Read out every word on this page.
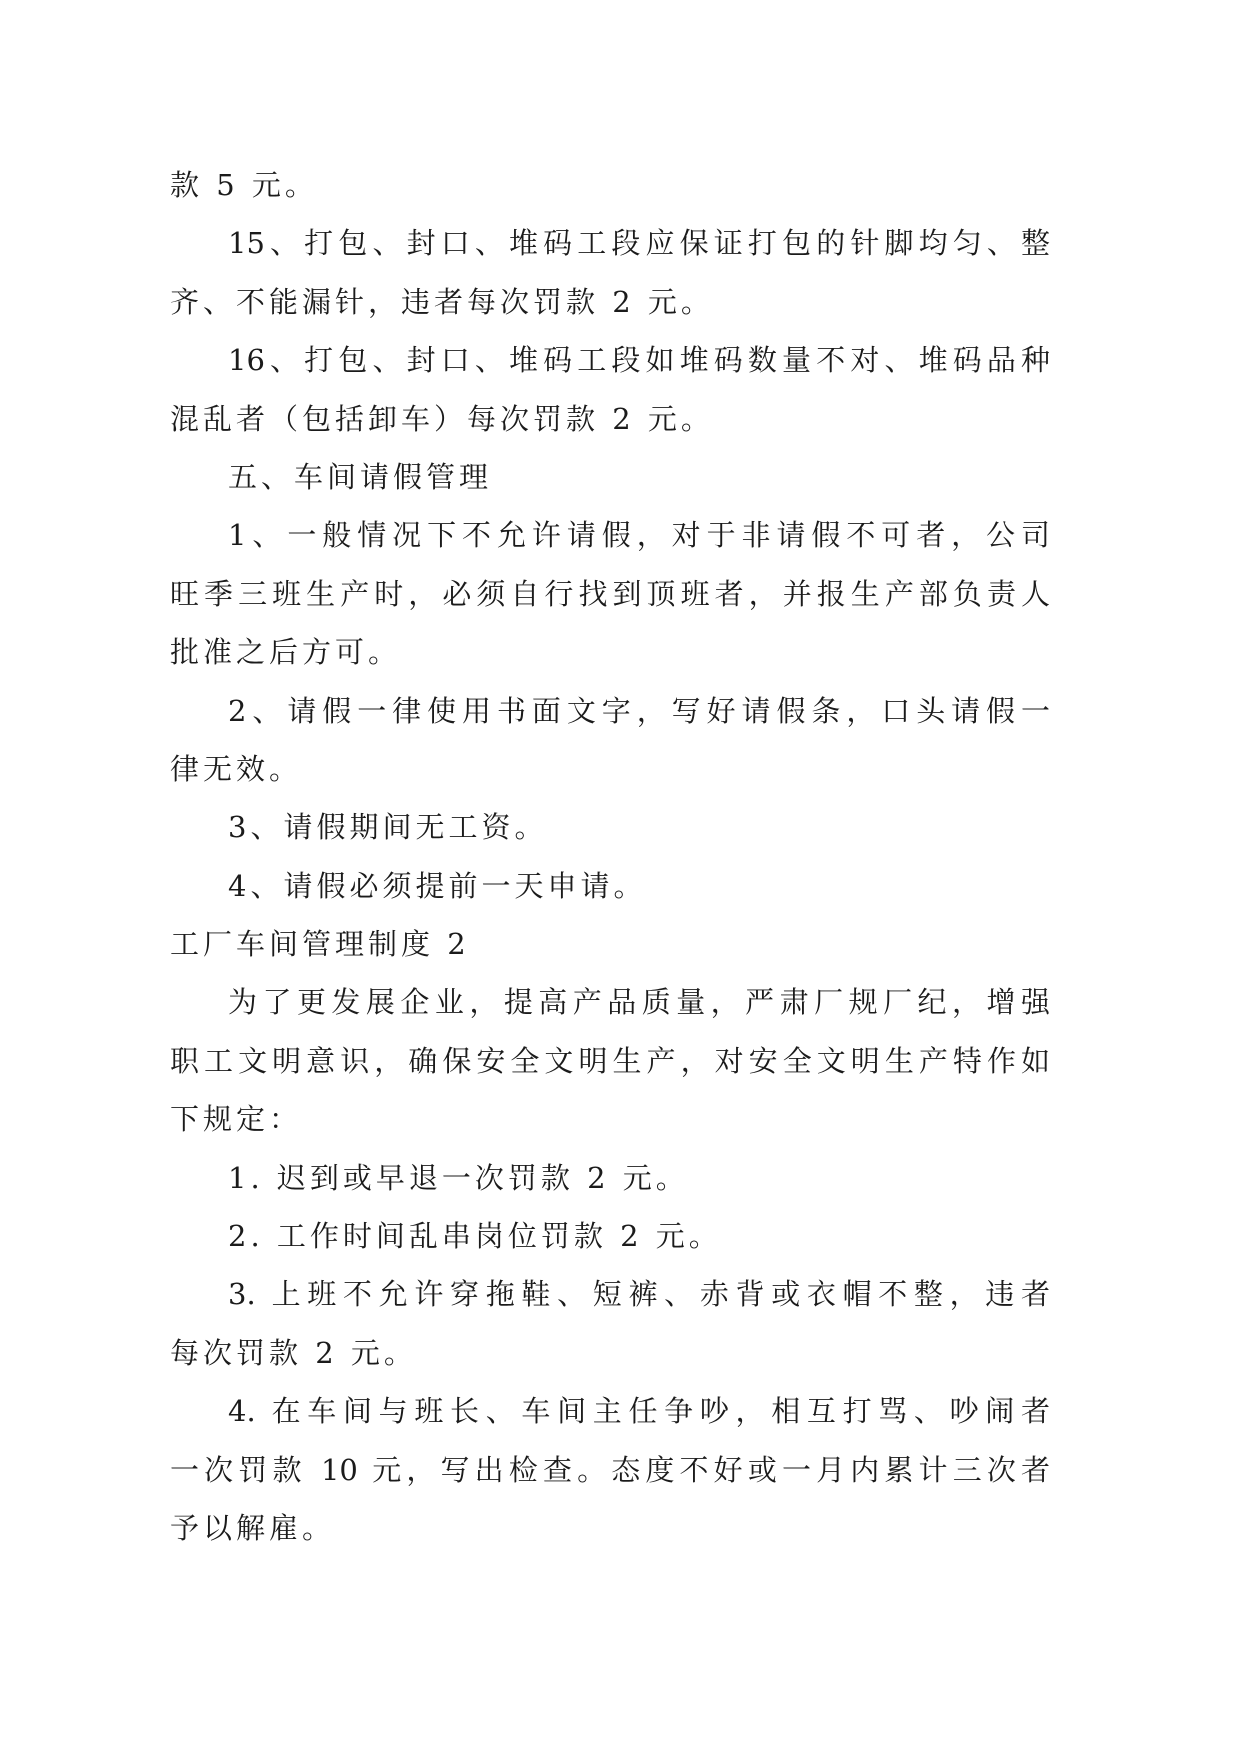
款 5 元。
15、打包、封口、堆码工段应保证打包的针脚均匀、整
齐、不能漏针，违者每次罚款 2 元。
16、打包、封口、堆码工段如堆码数量不对、堆码品种
混乱者（包括卸车）每次罚款 2 元。
五、车间请假管理
1、一般情况下不允许请假，对于非请假不可者，公司
旺季三班生产时，必须自行找到顶班者，并报生产部负责人
批准之后方可。
2、请假一律使用书面文字，写好请假条，口头请假一
律无效。
3、请假期间无工资。
4、请假必须提前一天申请。
工厂车间管理制度 2
为了更发展企业，提高产品质量，严肃厂规厂纪，增强
职工文明意识，确保安全文明生产，对安全文明生产特作如
下规定：
1. 迟到或早退一次罚款 2 元。
2. 工作时间乱串岗位罚款 2 元。
3. 上班不允许穿拖鞋、短裤、赤背或衣帽不整，违者
每次罚款 2 元。
4. 在车间与班长、车间主任争吵，相互打骂、吵闹者
一次罚款 10 元，写出检查。态度不好或一月内累计三次者
予以解雇。
